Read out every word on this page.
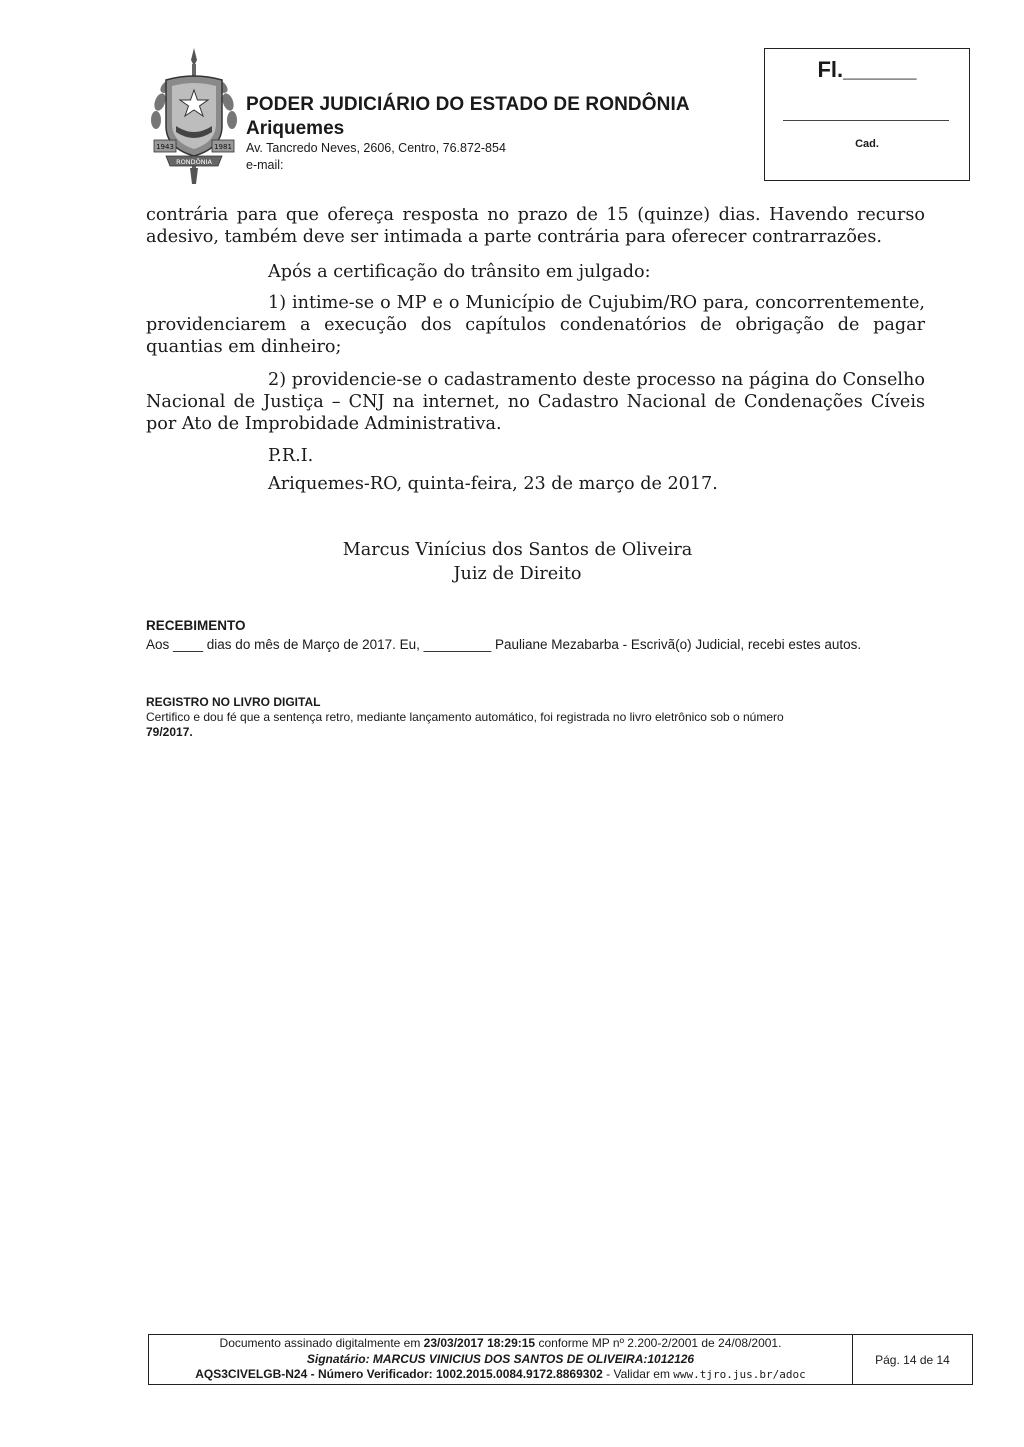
1943	1981
RONDÔNIA
PODER JUDICIÁRIO DO ESTADO DE RONDÔNIA
Ariquemes
Av. Tancredo Neves, 2606, Centro, 76.872-854
e-mail:
Fl.______
Cad.
contrária para que ofereça resposta no prazo de 15 (quinze) dias. Havendo recurso adesivo, também deve ser intimada a parte contrária para oferecer contrarrazões.
Após a certificação do trânsito em julgado:
1) intime-se o MP e o Município de Cujubim/RO para, concorrentemente, providenciarem a execução dos capítulos condenatórios de obrigação de pagar quantias em dinheiro;
2) providencie-se o cadastramento deste processo na página do Conselho Nacional de Justiça – CNJ na internet, no Cadastro Nacional de Condenações Cíveis por Ato de Improbidade Administrativa.
P.R.I.
Ariquemes-RO, quinta-feira, 23 de março de 2017.
Marcus Vinícius dos Santos de Oliveira
Juiz de Direito
RECEBIMENTO
Aos ____ dias do mês de Março de 2017. Eu, _________ Pauliane Mezabarba - Escrivã(o) Judicial, recebi estes autos.
REGISTRO NO LIVRO DIGITAL
Certifico e dou fé que a sentença retro, mediante lançamento automático, foi registrada no livro eletrônico sob o número
79/2017.
Documento assinado digitalmente em 23/03/2017 18:29:15 conforme MP nº 2.200-2/2001 de 24/08/2001.
Signatário: MARCUS VINICIUS DOS SANTOS DE OLIVEIRA:1012126
AQS3CIVELGB-N24 - Número Verificador: 1002.2015.0084.9172.8869302 - Validar em www.tjro.jus.br/adoc
Pág. 14 de 14
